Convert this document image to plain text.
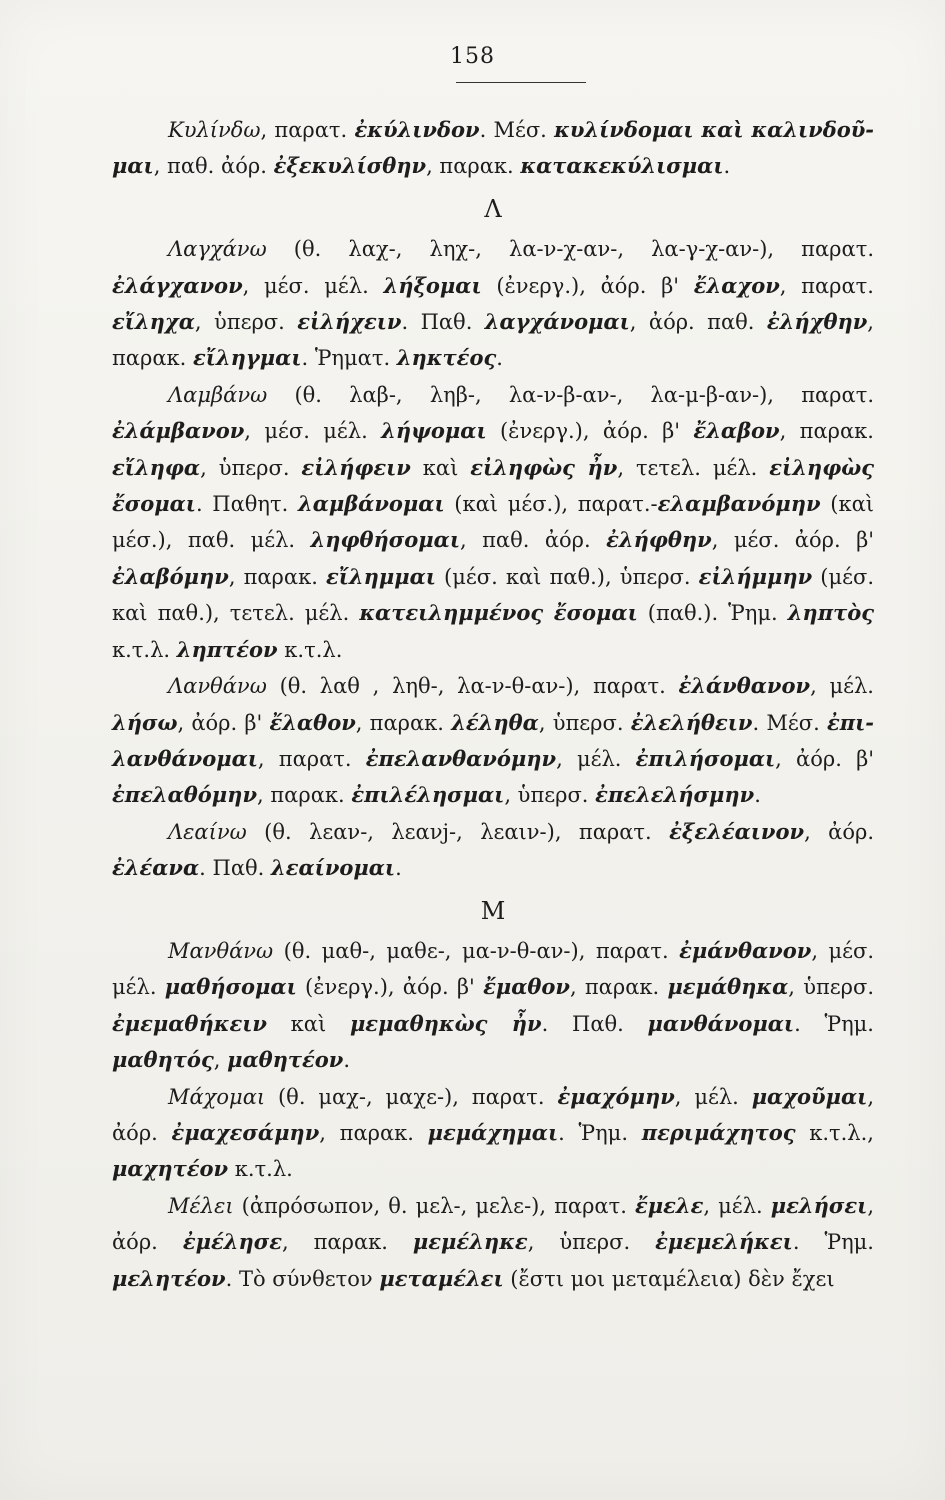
158

Κυλίνδω, παρατ. ἐκύλινδον. Μέσ. κυλίνδομαι καὶ καλινδοῦ-μαι, παθ. ἀόρ. ἐξεκυλίσθην, παρακ. κατακεκύλισμαι.

Λ

Λαγχάνω (θ. λαχ-, ληχ-, λα-ν-χ-αν-, λα-γ-χ-αν-), παρατ. ἐλάγχανον, μέσ. μέλ. λήξομαι (ἐνεργ.), ἀόρ. β' ἔλαχον, παρατ. εἴληχα, ὑπερσ. εἰλήχειν. Παθ. λαγχάνομαι, ἀόρ. παθ. ἐλήχθην, παρακ. εἴληγμαι. Ῥηματ. ληκτέος.

Λαμβάνω (θ. λαβ-, ληβ-, λα-ν-β-αν-, λα-μ-β-αν-), παρατ. ἐλάμβανον, μέσ. μέλ. λήψομαι (ἐνεργ.), ἀόρ. β' ἔλαβον, παρακ. εἴληφα, ὑπερσ. εἰλήφειν καὶ εἰληφὼς ἦν, τετελ. μέλ. εἰληφὼς ἔσομαι. Παθητ. λαμβάνομαι (καὶ μέσ.), παρατ.-ελαμβανόμην (καὶ μέσ.), παθ. μέλ. ληφθήσομαι, παθ. ἀόρ. ἐλήφθην, μέσ. ἀόρ. β' ἐλαβόμην, παρακ. εἴλημμαι (μέσ. καὶ παθ.), ὑπερσ. εἰλήμμην (μέσ. καὶ παθ.), τετελ. μέλ. κατειλημμένος ἔσομαι (παθ.). Ῥημ. ληπτὸς κ.τ.λ. ληπτέον κ.τ.λ.

Λανθάνω (θ. λαθ , ληθ-, λα-ν-θ-αν-), παρατ. ἐλάνθανον, μέλ. λήσω, ἀόρ. β' ἔλαθον, παρακ. λέληθα, ὑπερσ. ἐλελήθειν. Μέσ. ἐπι-λανθάνομαι, παρατ. ἐπελανθανόμην, μέλ. ἐπιλήσομαι, ἀόρ. β' ἐπελαθόμην, παρακ. ἐπιλέλησμαι, ὑπερσ. ἐπελελήσμην.

Λεαίνω (θ. λεαν-, λεανj-, λεαιν-), παρατ. ἐξελέαινον, ἀόρ. ἐλέανα. Παθ. λεαίνομαι.

Μ

Μανθάνω (θ. μαθ-, μαθε-, μα-ν-θ-αν-), παρατ. ἐμάνθανον, μέσ. μέλ. μαθήσομαι (ἐνεργ.), ἀόρ. β' ἔμαθον, παρακ. μεμάθηκα, ὑπερσ. ἐμεμαθήκειν καὶ μεμαθηκὼς ἦν. Παθ. μανθάνομαι. Ῥημ. μαθητός, μαθητέον.

Μάχομαι (θ. μαχ-, μαχε-), παρατ. ἐμαχόμην, μέλ. μαχοῦμαι, ἀόρ. ἐμαχεσάμην, παρακ. μεμάχημαι. Ῥημ. περιμάχητος κ.τ.λ., μαχητέον κ.τ.λ.

Μέλει (ἀπρόσωπον, θ. μελ-, μελε-), παρατ. ἔμελε, μέλ. μελήσει, ἀόρ. ἐμέλησε, παρακ. μεμέληκε, ὑπερσ. ἐμεμελήκει. Ῥημ. μελητέον. Τὸ σύνθετον μεταμέλει (ἔστι μοι μεταμέλεια) δὲν ἔχει
